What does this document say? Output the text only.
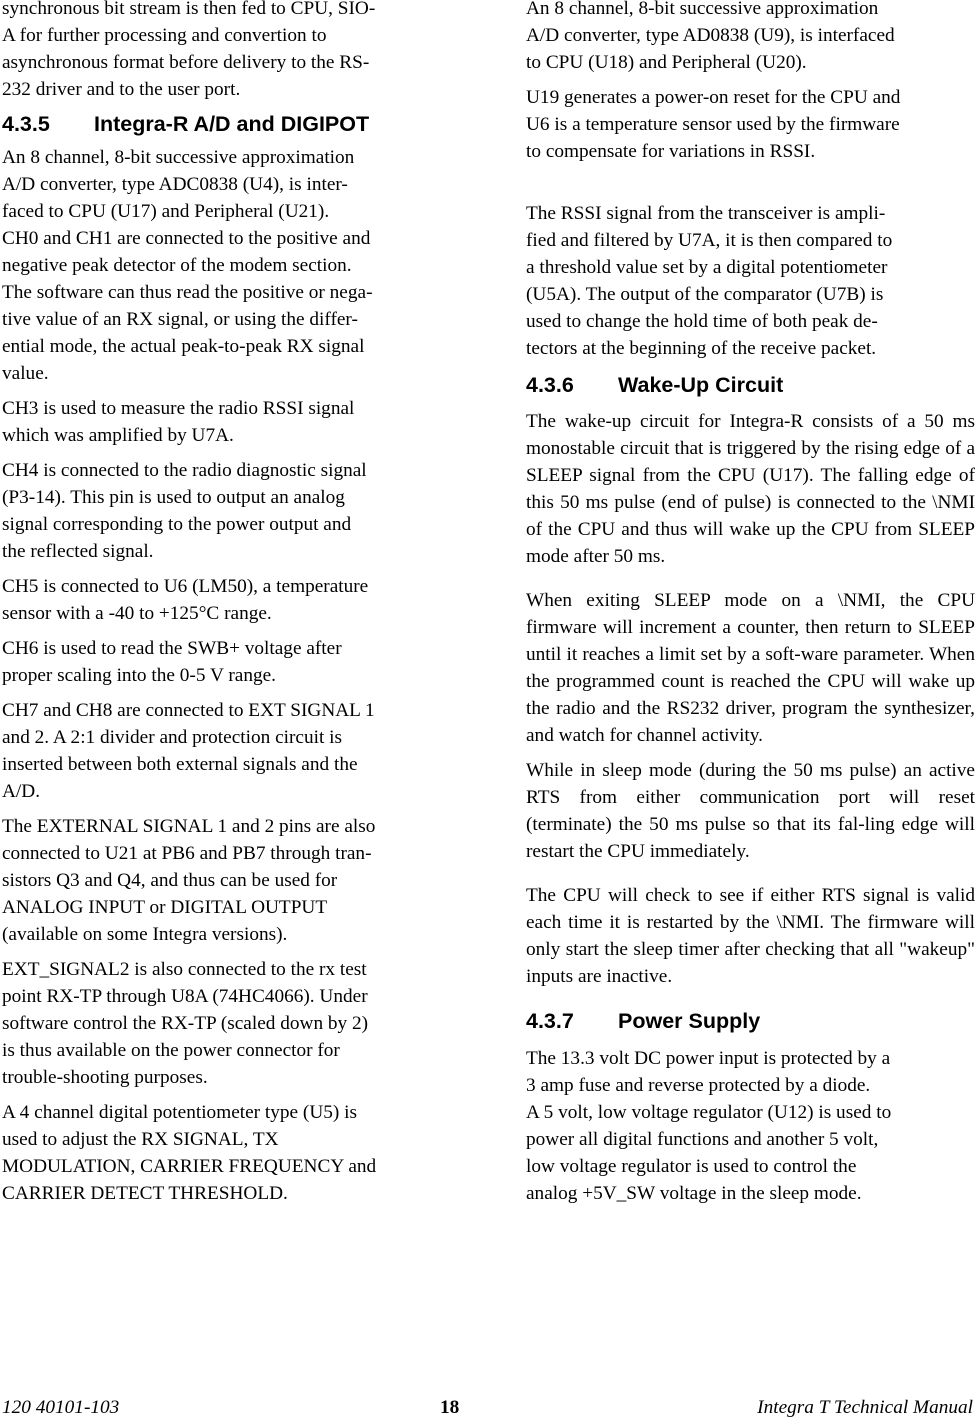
synchronous bit stream is then fed to CPU, SIO-
A for further processing and convertion to
asynchronous format before delivery to the RS-
232 driver and to the user port.

4.3.5 Integra-R A/D and DIGIPOT

An 8 channel, 8-bit successive approximation
A/D converter, type ADC0838 (U4), is inter-
faced to CPU (U17) and Peripheral (U21).
CH0 and CH1 are connected to the positive and
negative peak detector of the modem section.
The software can thus read the positive or nega-
tive value of an RX signal, or using the differ-
ential mode, the actual peak-to-peak RX signal
value.

CH3 is used to measure the radio RSSI signal
which was amplified by U7A.

CH4 is connected to the radio diagnostic signal
(P3-14). This pin is used to output an analog
signal corresponding to the power output and
the reflected signal.

CH5 is connected to U6 (LM50), a temperature
sensor with a -40 to +125°C range.

CH6 is used to read the SWB+ voltage after
proper scaling into the 0-5 V range.

CH7 and CH8 are connected to EXT SIGNAL 1
and 2. A 2:1 divider and protection circuit is
inserted between both external signals and the
A/D.

The EXTERNAL SIGNAL 1 and 2 pins are also
connected to U21 at PB6 and PB7 through tran-
sistors Q3 and Q4, and thus can be used for
ANALOG INPUT or DIGITAL OUTPUT
(available on some Integra versions).

EXT_SIGNAL2 is also connected to the rx test
point RX-TP through U8A (74HC4066). Under
software control the RX-TP (scaled down by 2)
is thus available on the power connector for
trouble-shooting purposes.

A 4 channel digital potentiometer type (U5) is
used to adjust the RX SIGNAL, TX
MODULATION, CARRIER FREQUENCY and
CARRIER DETECT THRESHOLD.

An 8 channel, 8-bit successive approximation
A/D converter, type AD0838 (U9), is interfaced
to CPU (U18) and Peripheral (U20).

U19 generates a power-on reset for the CPU and
U6 is a temperature sensor used by the firmware
to compensate for variations in RSSI.

The RSSI signal from the transceiver is ampli-
fied and filtered by U7A, it is then compared to
a threshold value set by a digital potentiometer
(U5A). The output of the comparator (U7B) is
used to change the hold time of both peak de-
tectors at the beginning of the receive packet.

4.3.6 Wake-Up Circuit

The wake-up circuit for Integra-R consists of a 50 ms monostable circuit that is triggered by the rising edge of a SLEEP signal from the CPU (U17). The falling edge of this 50 ms pulse (end of pulse) is connected to the \NMI of the CPU and thus will wake up the CPU from SLEEP mode after 50 ms.

When exiting SLEEP mode on a \NMI, the CPU firmware will increment a counter, then return to SLEEP until it reaches a limit set by a soft-ware parameter. When the programmed count is reached the CPU will wake up the radio and the RS232 driver, program the synthesizer, and watch for channel activity.

While in sleep mode (during the 50 ms pulse) an active RTS from either communication port will reset (terminate) the 50 ms pulse so that its fal-ling edge will restart the CPU immediately.

The CPU will check to see if either RTS signal is valid each time it is restarted by the \NMI. The firmware will only start the sleep timer after checking that all "wakeup" inputs are inactive.

4.3.7 Power Supply

The 13.3 volt DC power input is protected by a
3 amp fuse and reverse protected by a diode.
A 5 volt, low voltage regulator (U12) is used to
power all digital functions and another 5 volt,
low voltage regulator is used to control the
analog +5V_SW voltage in the sleep mode.

120 40101-103	18	Integra T Technical Manual
